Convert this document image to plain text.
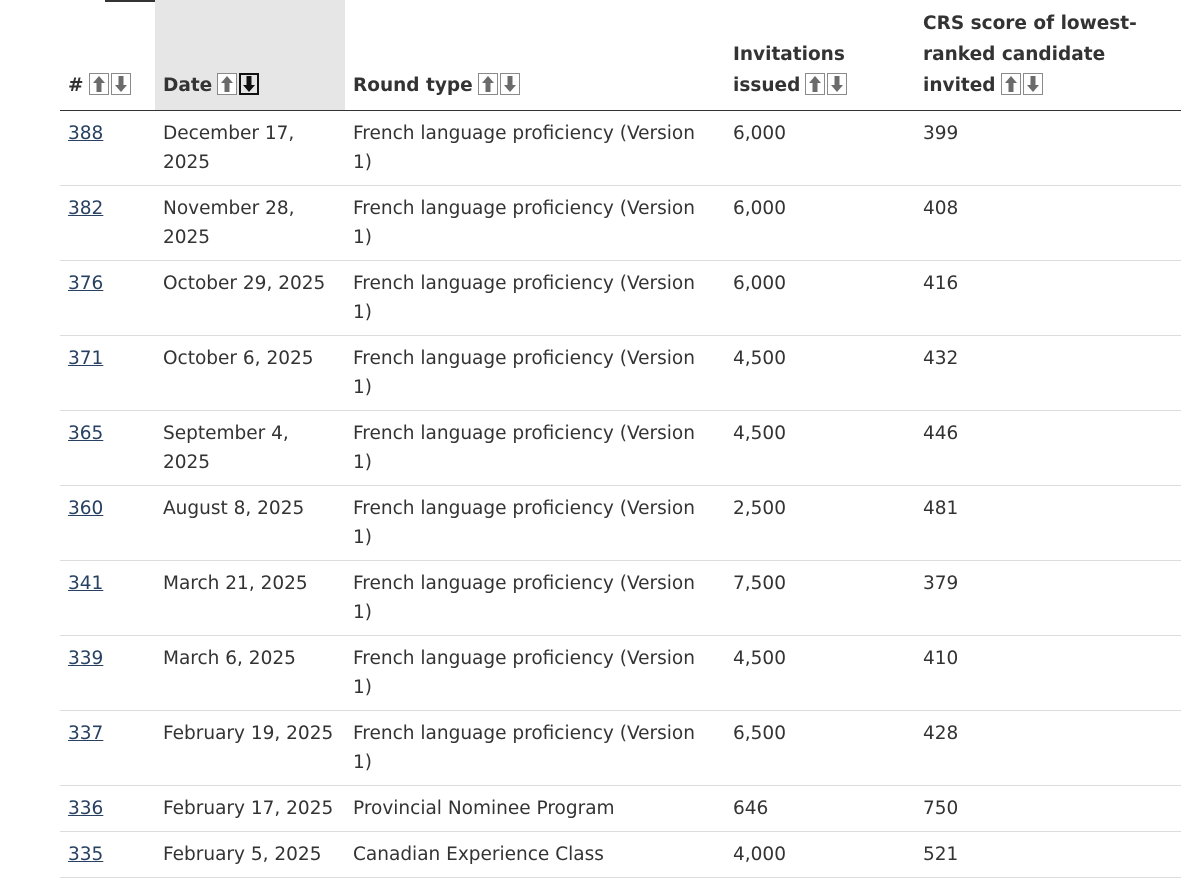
#	Date	Round type	Invitations issued	CRS score of lowest-ranked candidate invited

388	December 17, 2025	French language proficiency (Version 1)	6,000	399
382	November 28, 2025	French language proficiency (Version 1)	6,000	408
376	October 29, 2025	French language proficiency (Version 1)	6,000	416
371	October 6, 2025	French language proficiency (Version 1)	4,500	432
365	September 4, 2025	French language proficiency (Version 1)	4,500	446
360	August 8, 2025	French language proficiency (Version 1)	2,500	481
341	March 21, 2025	French language proficiency (Version 1)	7,500	379
339	March 6, 2025	French language proficiency (Version 1)	4,500	410
337	February 19, 2025	French language proficiency (Version 1)	6,500	428
336	February 17, 2025	Provincial Nominee Program	646	750
335	February 5, 2025	Canadian Experience Class	4,000	521
